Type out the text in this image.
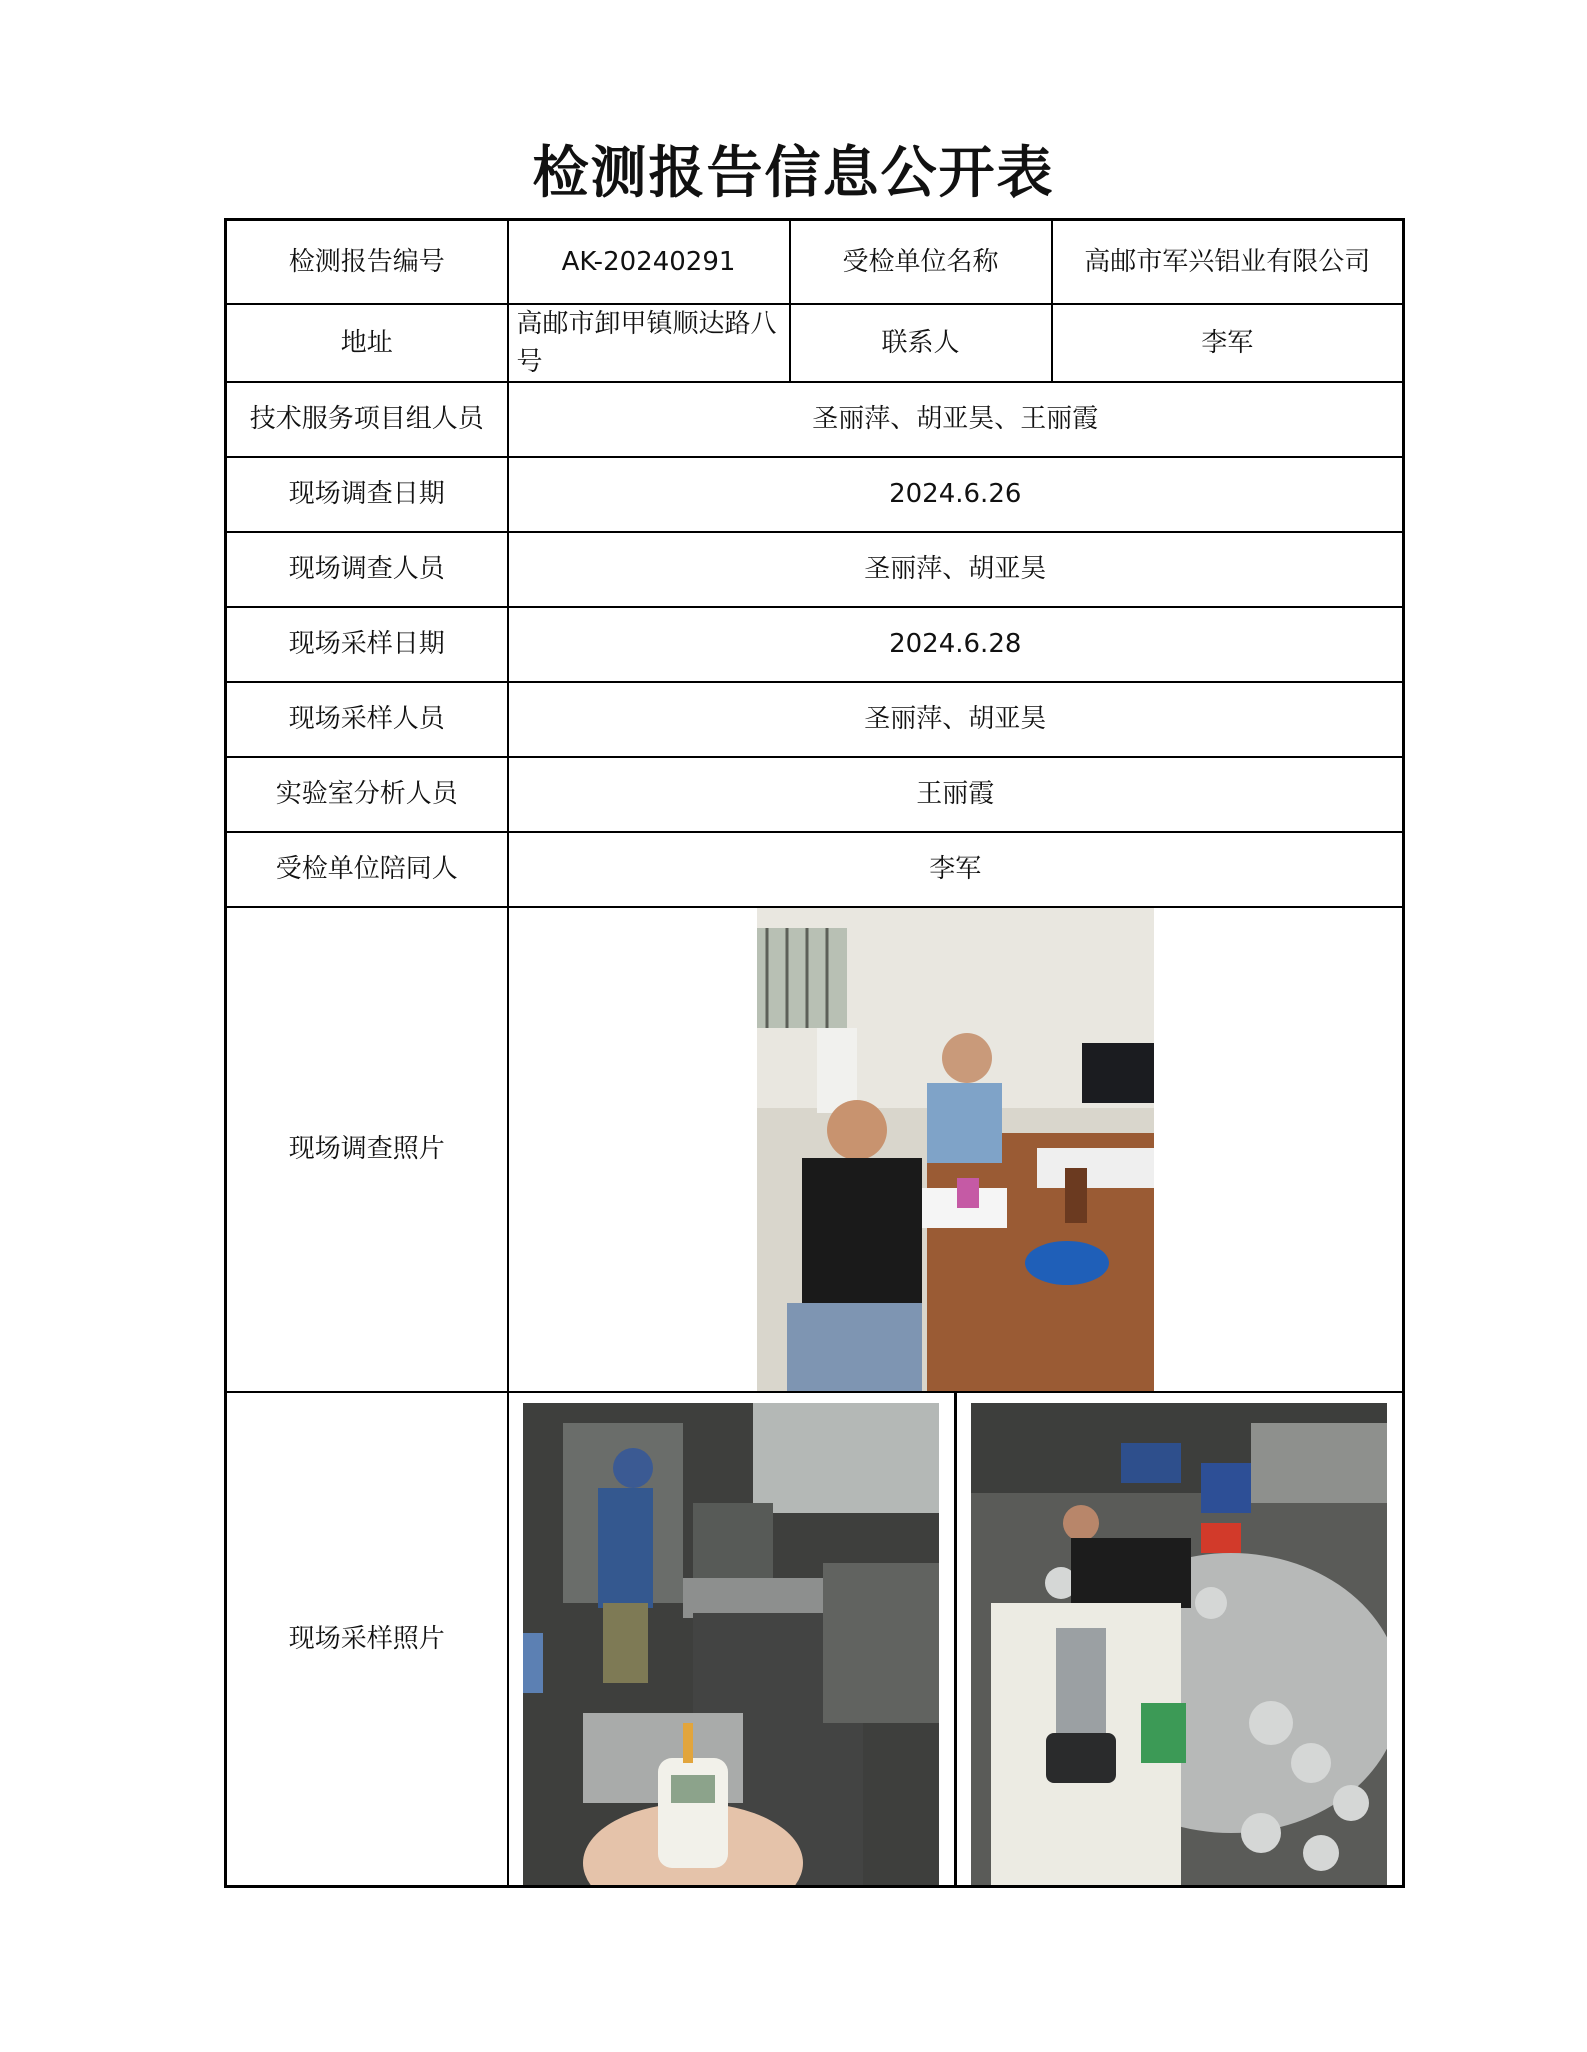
检测报告信息公开表
检测报告编号	AK-20240291	受检单位名称	高邮市军兴铝业有限公司
地址	高邮市卸甲镇顺达路八号	联系人	李军
技术服务项目组人员	圣丽萍、胡亚昊、王丽霞		
现场调查日期	2024.6.26		
现场调查人员	圣丽萍、胡亚昊		
现场采样日期	2024.6.28		
现场采样人员	圣丽萍、胡亚昊		
实验室分析人员	王丽霞		
受检单位陪同人	李军		
现场调查照片	

现场采样照片	
